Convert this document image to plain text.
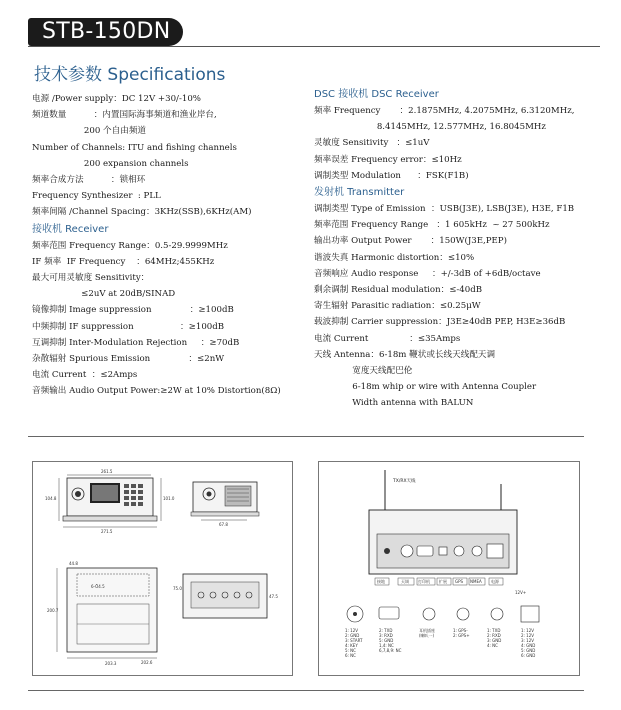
STB-150DN
技术参数 Specifications
电源 /Power supply：DC 12V +30/-10%
频道数量          ：内置国际海事频道和渔业岸台,
200 个自由频道
Number of Channels: ITU and fishing channels
200 expansion channels
频率合成方法          ：锁相环
Frequency Synthesizer  : PLL
频率间隔 /Channel Spacing：3KHz(SSB),6KHz(AM)
接收机 Receiver
频率范围 Frequency Range：0.5-29.9999MHz
IF 频率  IF Frequency    ：64MHz;455KHz
最大可用灵敏度 Sensitivity：
≤2uV at 20dB/SINAD
镜像抑制 Image suppression              ：≥100dB
中频抑制 IF suppression                 ：≥100dB
互调抑制 Inter-Modulation Rejection     ：≥70dB
杂散辐射 Spurious Emission              ：≤2nW
电流 Current  ：≤2Amps
音频输出 Audio Output Power:≥2W at 10% Distortion(8Ω)
DSC 接收机 DSC Receiver
频率 Frequency       ：2.1875MHz, 4.2075MHz, 6.3120MHz,
8.4145MHz, 12.577MHz, 16.8045MHz
灵敏度 Sensitivity   ：≤1uV
频率误差 Frequency error：≤10Hz
调制类型 Modulation      ：FSK(F1B)
发射机 Transmitter
调制类型 Type of Emission  ：USB(J3E), LSB(J3E), H3E, F1B
频率范围 Frequency Range   ：1 605kHz  ~ 27 500kHz
输出功率 Output Power       ：150W(J3E,PEP)
谐波失真 Harmonic distortion：≤10%
音频响应 Audio response     ：+/-3dB of +6dB/octave
剩余调制 Residual modulation：≤-40dB
寄生辐射 Parasitic radiation：≤0.25μW
载波抑制 Carrier suppression：J3E≥40dB PEP, H3E≥36dB
电流 Current               ：≤35Amps
天线 Antenna：6-18m 鞭状或长线天线配天调
宽度天线配巴伦
6-18m whip or wire with Antenna Coupler
Width antenna with BALUN
261.5
271.5
104.8	101.0
67.8
44.8
6-Ö4.5
200.7
203.3
75.0
47.5
202.6
TX/RX天线
接地	天调 打印机 扩展 GPS NMEA 电源
12V+
1: 12V
2: GND
3: START
4: KEY
5: NC
6: NC
2: TXD
3: RXD
5: GND
1,4: NC
6,7,8,9: NC
耳机插座
(喇叭一)
1: GPS-
2: GPS+
1: TXD
2: RXD
3: GND
4: NC
1: 12V
2: 12V
3: 12V
4: GND
5: GND
6: GND
